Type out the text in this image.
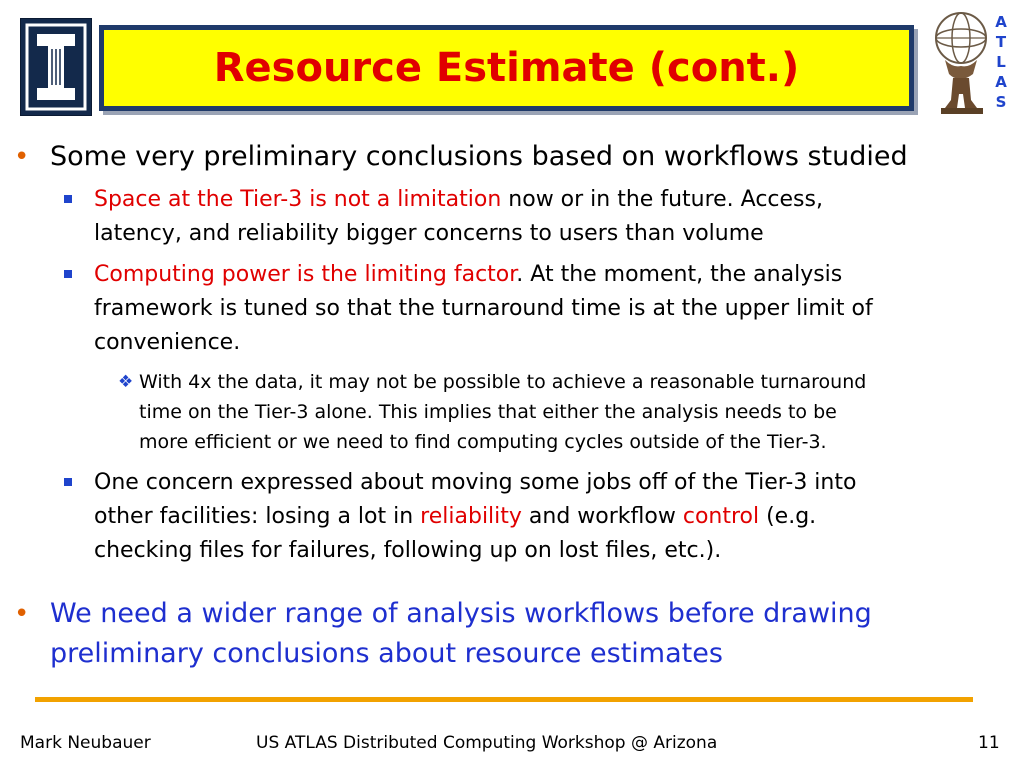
Resource Estimate (cont.)
A
T
L
A
S
• Some very preliminary conclusions based on workflows studied
Space at the Tier-3 is not a limitation now or in the future. Access,
latency, and reliability bigger concerns to users than volume
Computing power is the limiting factor. At the moment, the analysis
framework is tuned so that the turnaround time is at the upper limit of
convenience.
❖ With 4x the data, it may not be possible to achieve a reasonable turnaround
time on the Tier-3 alone. This implies that either the analysis needs to be
more efficient or we need to find computing cycles outside of the Tier-3.
One concern expressed about moving some jobs off of the Tier-3 into
other facilities: losing a lot in reliability and workflow control (e.g.
checking files for failures, following up on lost files, etc.).
• We need a wider range of analysis workflows before drawing
preliminary conclusions about resource estimates
Mark Neubauer	US ATLAS Distributed Computing Workshop @ Arizona	11
